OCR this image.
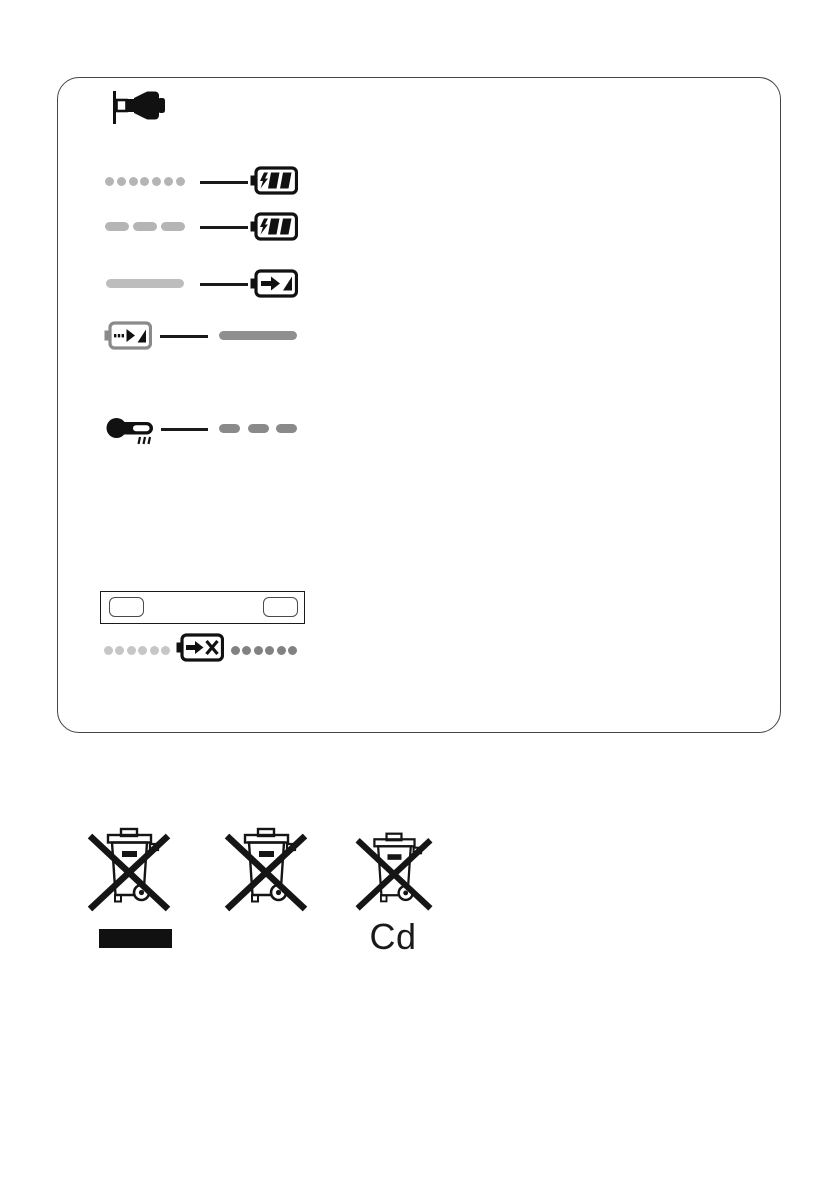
Cd
